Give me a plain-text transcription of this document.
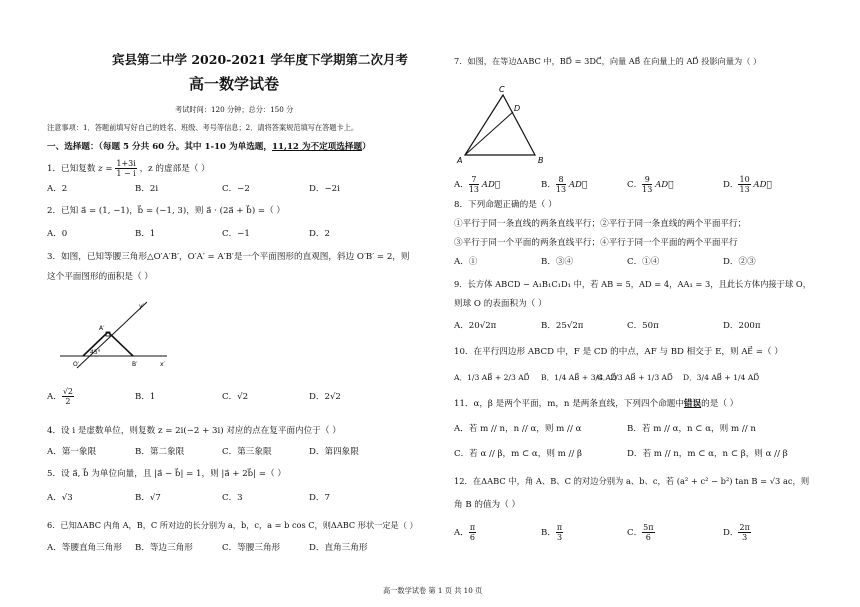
宾县第二中学 2020-2021 学年度下学期第二次月考
高一数学试卷
考试时间：120 分钟；总分：150 分
注意事项：1．答题前填写好自己的姓名、班级、考号等信息；2．请将答案规范填写在答题卡上。
一、选择题：（每题 5 分共 60 分。其中 1-10 为单选题，11,12 为不定项选择题）
1．已知复数 $z = \frac{1+3i}{1 - i}$ ，z 的虚部是（ ）
A．2	B．2i	C．−2	D．−2i
2．已知 a⃗ = (1, −1)，b⃗ = (−1, 3)，则 a⃗ · (2a⃗ + b⃗) =（ ）
A．0	B．1	C．−1	D．2
3．如图，已知等腰三角形△O′A′B′，O′A′ = A′B′是一个平面图形的直观图，斜边 O′B′ = 2，则
这个平面图形的面积是（ ）
y′
A′
45°
O′	B′	x′
A． $\frac{√2}{2}$	B．1	C．√2	D．2√2
4．设 i 是虚数单位，则复数 z = 2i(−2 + 3i) 对应的点在复平面内位于（ ）
A．第一象限	B．第二象限	C．第三象限	D．第四象限
5．设 a⃗, b⃗ 为单位向量，且 |a⃗ − b⃗| = 1，则 |a⃗ + 2b⃗| =（ ）
A．√3	B．√7	C．3	D．7
6．已知ΔABC 内角 A，B，C 所对边的长分别为 a，b，c，a = b cos C，则ΔABC 形状一定是（ ）
A．等腰直角三角形 B．等边三角形	C．等腰三角形	D．直角三角形
7．如图，在等边ΔABC 中，BD⃗ = 3DC⃗，向量 AB⃗ 在向量上的 AD⃗ 投影向量为（ ）
C
D
A	B
A． $\frac{7}{13}$ AD⃗	B． $\frac{8}{13}$ AD⃗	C． $\frac{9}{13}$ AD⃗	D． $\frac{10}{13}$ AD⃗
8．下列命题正确的是（ ）
①平行于同一条直线的两条直线平行；②平行于同一条直线的两个平面平行；
③平行于同一个平面的两条直线平行；④平行于同一个平面的两个平面平行
A．①	B．③④	C．①④	D．②③
9．长方体 ABCD − A₁B₁C₁D₁ 中，若 AB = 5，AD = 4，AA₁ = 3，且此长方体内接于球 O，
则球 O 的表面积为（ ）
A．20√2π	B．25√2π	C．50π	D．200π
10．在平行四边形 ABCD 中，F 是 CD 的中点，AF 与 BD 相交于 E，则 AE⃗ =（ ）
A．1/3 AB⃗ + 2/3 AD⃗ B．1/4 AB⃗ + 3/4 AD⃗
C．2/3 AB⃗ + 1/3 AD⃗ D．3/4 AB⃗ + 1/4 AD⃗
11．α，β 是两个平面，m，n 是两条直线，下列四个命题中错误的是（ ）
A．若 m // n，n // α，则 m // α	B．若 m // α，n ⊂ α，则 m // n
C．若 α // β，m ⊂ α，则 m // β	D．若 m // n，m ⊂ α，n ⊂ β，则 α // β
12．在ΔABC 中，角 A、B、C 的对边分别为 a、b、c，若 (a² + c² − b²) tan B = √3 ac，则
角 B 的值为（ ）
A． $\frac{\pi}{6}$	B． $\frac{\pi}{3}$	C． $\frac{5\pi}{6}$	D． $\frac{2\pi}{3}$
高一数学试卷 第 1 页 共 10 页
